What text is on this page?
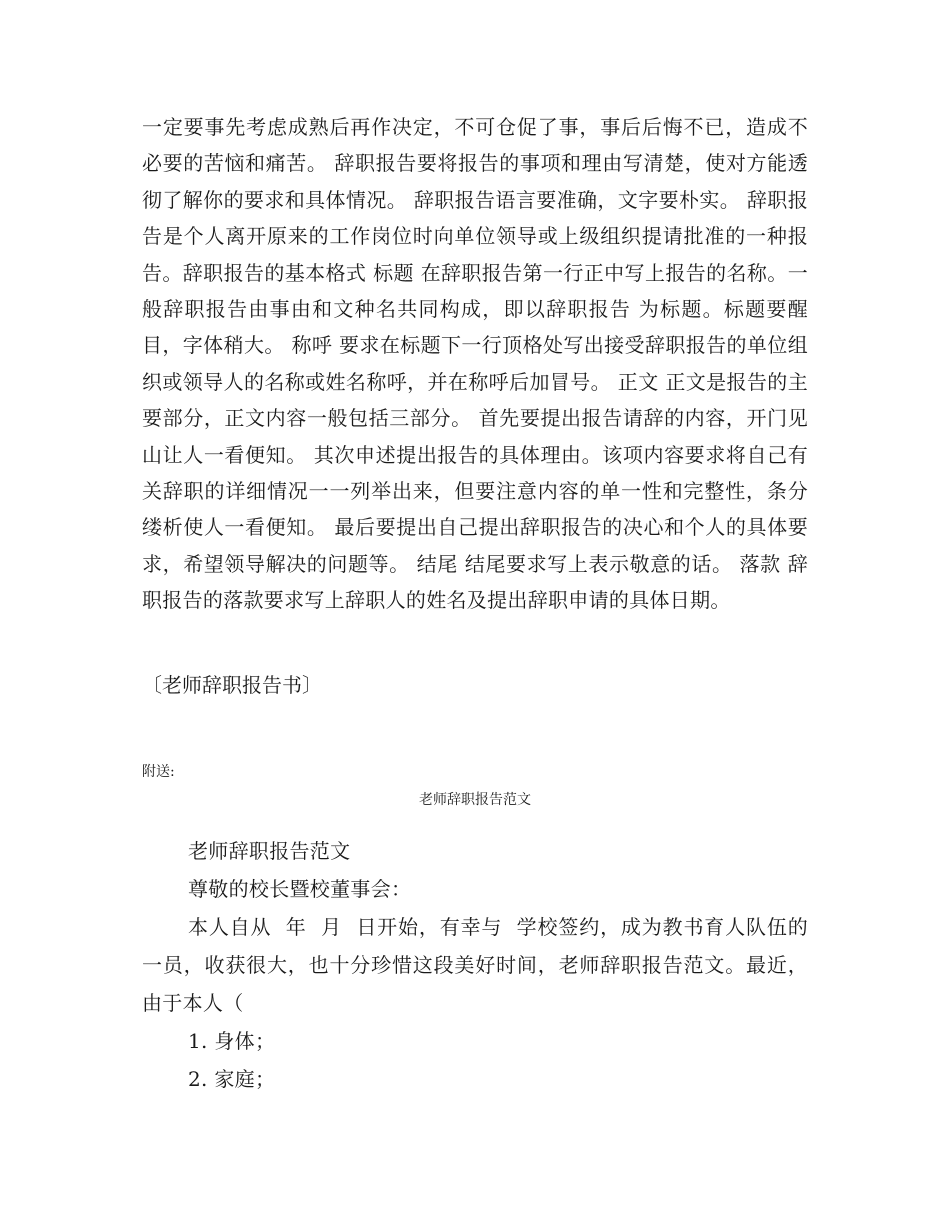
一定要事先考虑成熟后再作决定，不可仓促了事，事后后悔不已，造成不必要的苦恼和痛苦。 辞职报告要将报告的事项和理由写清楚，使对方能透彻了解你的要求和具体情况。 辞职报告语言要准确，文字要朴实。 辞职报告是个人离开原来的工作岗位时向单位领导或上级组织提请批准的一种报告。辞职报告的基本格式 标题 在辞职报告第一行正中写上报告的名称。一般辞职报告由事由和文种名共同构成，即以辞职报告 为标题。标题要醒目，字体稍大。 称呼 要求在标题下一行顶格处写出接受辞职报告的单位组织或领导人的名称或姓名称呼，并在称呼后加冒号。 正文 正文是报告的主要部分，正文内容一般包括三部分。 首先要提出报告请辞的内容，开门见山让人一看便知。 其次申述提出报告的具体理由。该项内容要求将自己有关辞职的详细情况一一列举出来，但要注意内容的单一性和完整性，条分缕析使人一看便知。 最后要提出自己提出辞职报告的决心和个人的具体要求，希望领导解决的问题等。 结尾 结尾要求写上表示敬意的话。 落款 辞职报告的落款要求写上辞职人的姓名及提出辞职申请的具体日期。

〔老师辞职报告书〕

附送:

老师辞职报告范文

老师辞职报告范文

尊敬的校长暨校董事会：

本人自从  年  月  日开始，有幸与  学校签约，成为教书育人队伍的一员，收获很大，也十分珍惜这段美好时间，老师辞职报告范文。最近，由于本人（

1. 身体；

2. 家庭；
